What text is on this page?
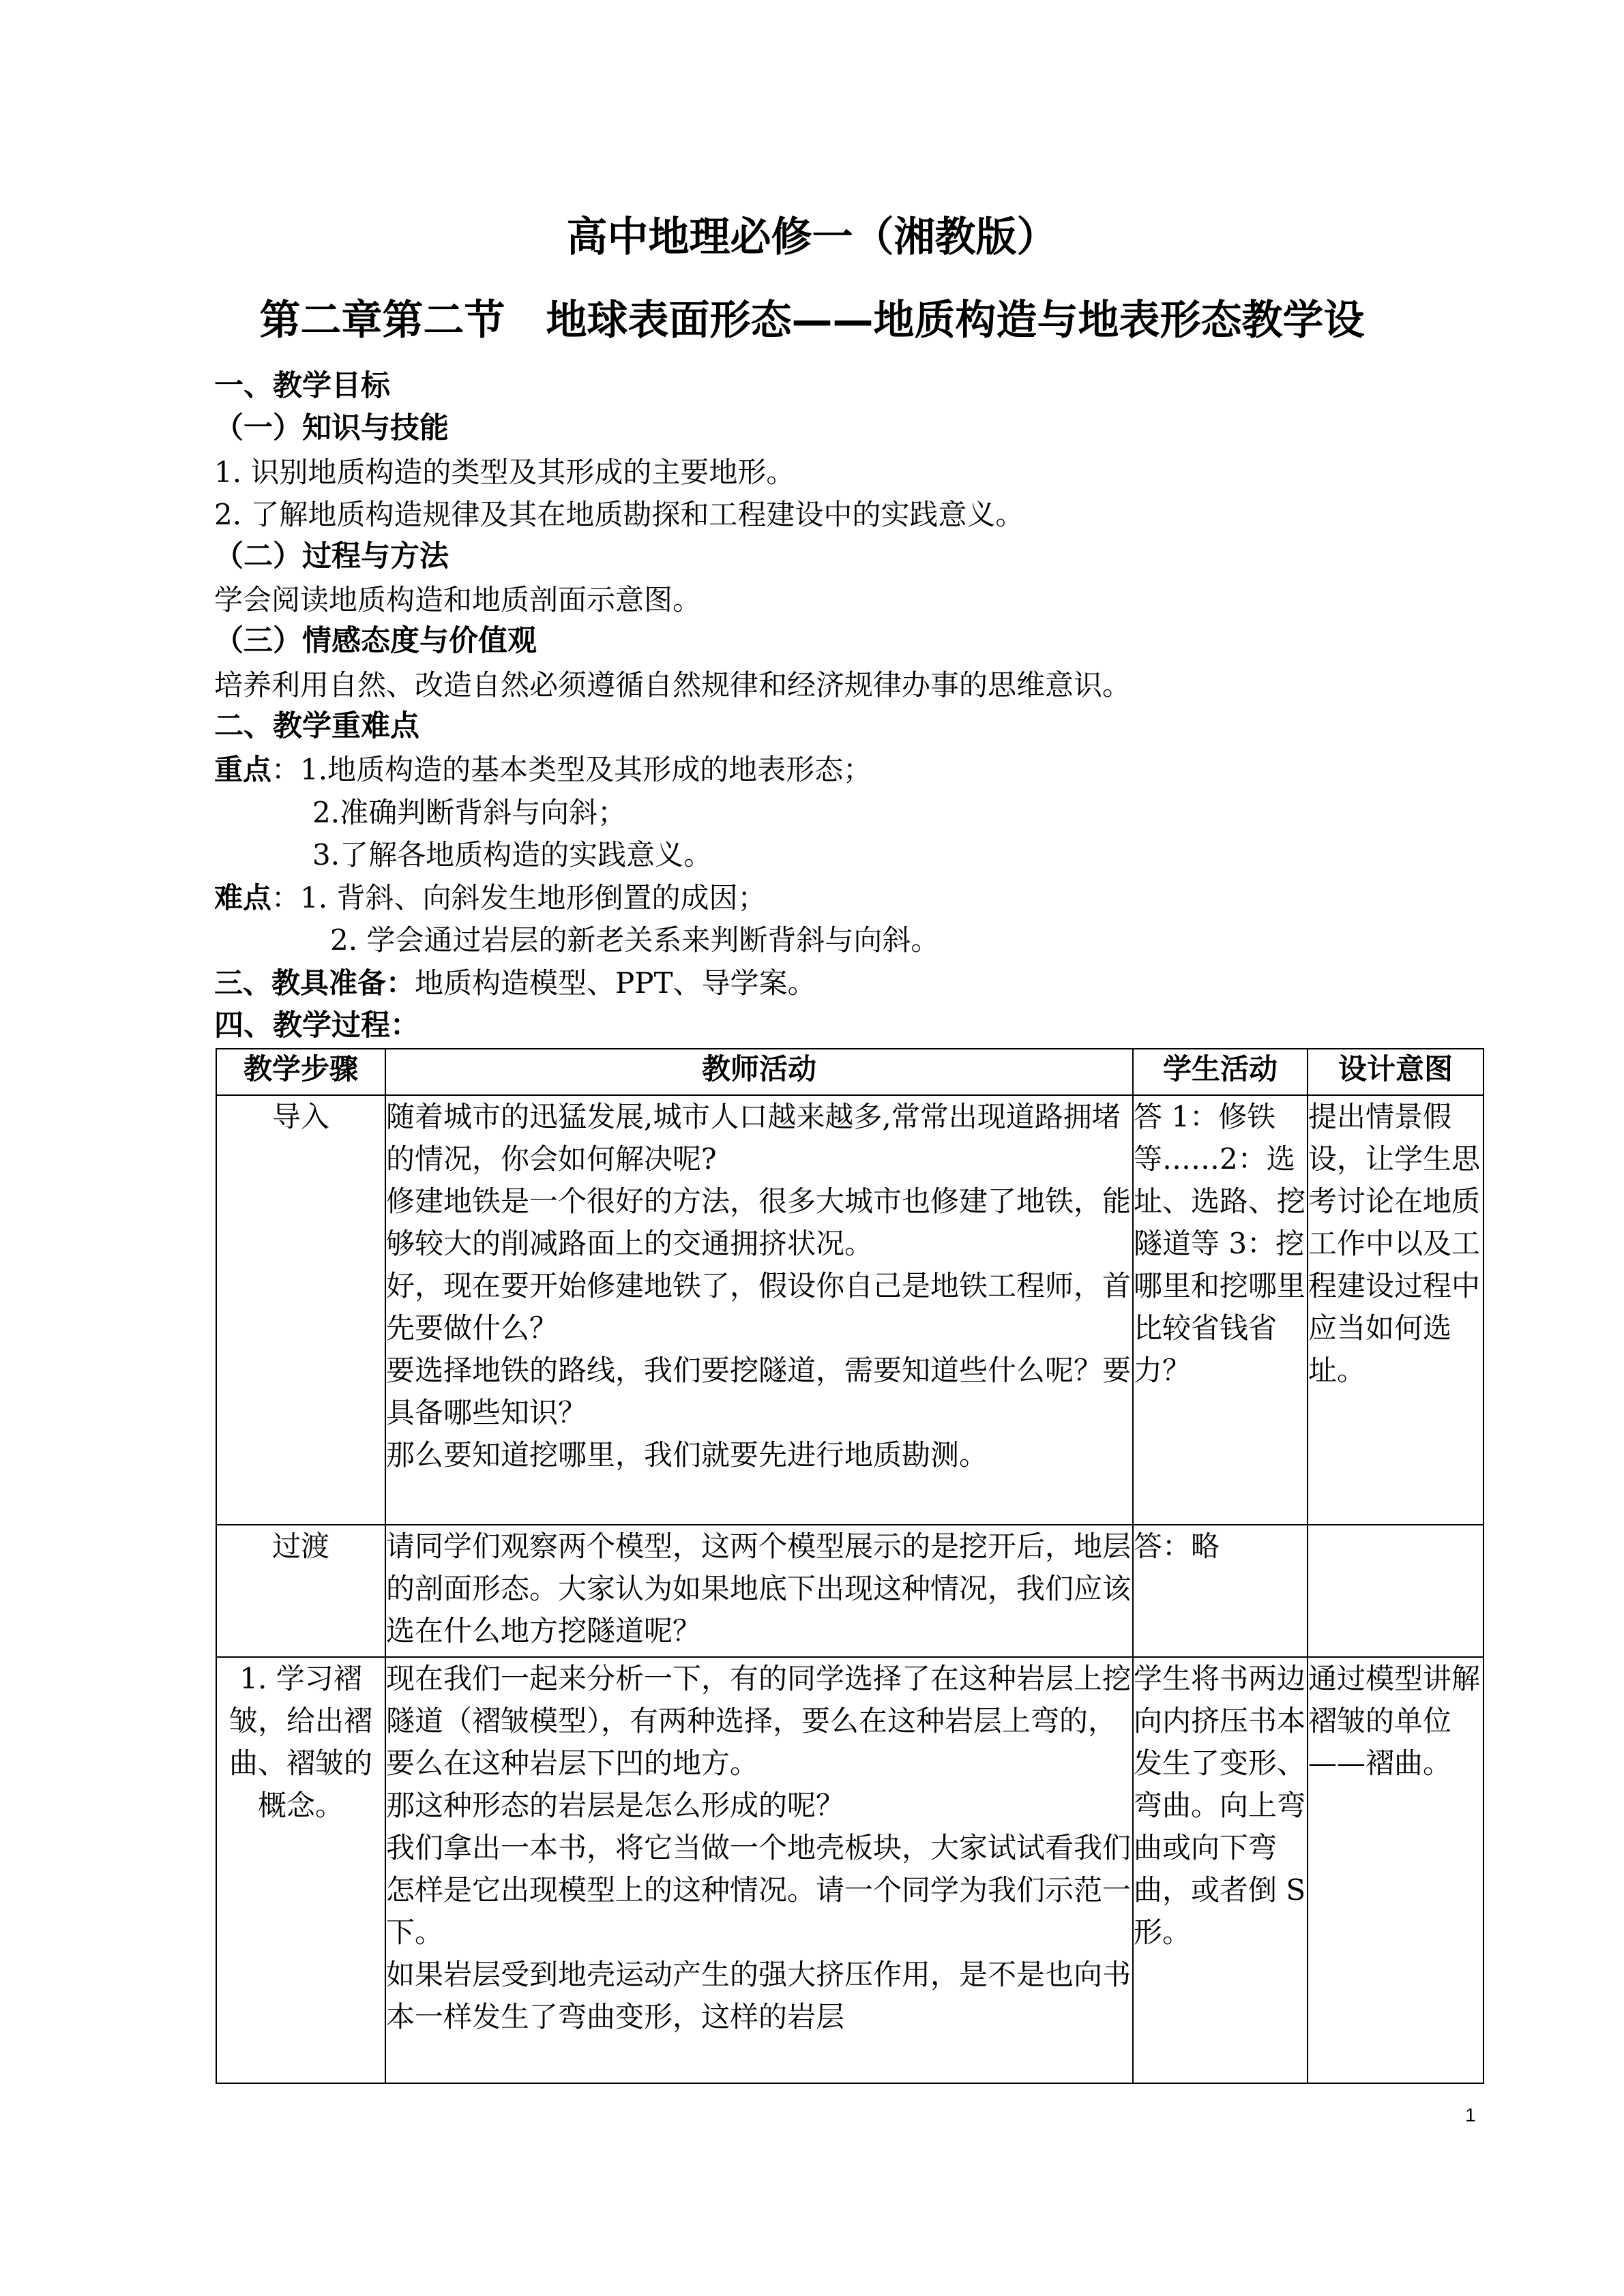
高中地理必修一（湘教版）
第二章第二节　地球表面形态——地质构造与地表形态教学设
一、教学目标
（一）知识与技能
1. 识别地质构造的类型及其形成的主要地形。
2. 了解地质构造规律及其在地质勘探和工程建设中的实践意义。
（二）过程与方法
学会阅读地质构造和地质剖面示意图。
（三）情感态度与价值观
培养利用自然、改造自然必须遵循自然规律和经济规律办事的思维意识。
二、教学重难点
重点：1.地质构造的基本类型及其形成的地表形态；
2.准确判断背斜与向斜；
3.了解各地质构造的实践意义。
难点：1. 背斜、向斜发生地形倒置的成因；
2. 学会通过岩层的新老关系来判断背斜与向斜。
三、教具准备：地质构造模型、PPT、导学案。
四、教学过程：
教学步骤	教师活动	学生活动	设计意图
导入	随着城市的迅猛发展,城市人口越来越多,常常出现道路拥堵的情况，你会如何解决呢?
修建地铁是一个很好的方法，很多大城市也修建了地铁，能够较大的削减路面上的交通拥挤状况。
好，现在要开始修建地铁了，假设你自己是地铁工程师，首先要做什么？
要选择地铁的路线，我们要挖隧道，需要知道些什么呢？要具备哪些知识？
那么要知道挖哪里，我们就要先进行地质勘测。	答 1：修铁等……2：选址、选路、挖隧道等 3：挖哪里和挖哪里比较省钱省力？	提出情景假设，让学生思考讨论在地质工作中以及工程建设过程中应当如何选址。
过渡	请同学们观察两个模型，这两个模型展示的是挖开后，地层的剖面形态。大家认为如果地底下出现这种情况，我们应该选在什么地方挖隧道呢？	答：略	
1. 学习褶皱，给出褶曲、褶皱的概念。	现在我们一起来分析一下，有的同学选择了在这种岩层上挖隧道（褶皱模型），有两种选择，要么在这种岩层上弯的，要么在这种岩层下凹的地方。
那这种形态的岩层是怎么形成的呢？
我们拿出一本书，将它当做一个地壳板块，大家试试看我们怎样是它出现模型上的这种情况。请一个同学为我们示范一下。
如果岩层受到地壳运动产生的强大挤压作用，是不是也向书本一样发生了弯曲变形，这样的岩层	学生将书两边向内挤压书本发生了变形、弯曲。向上弯曲或向下弯曲，或者倒 S 形。	通过模型讲解褶皱的单位——褶曲。
1
